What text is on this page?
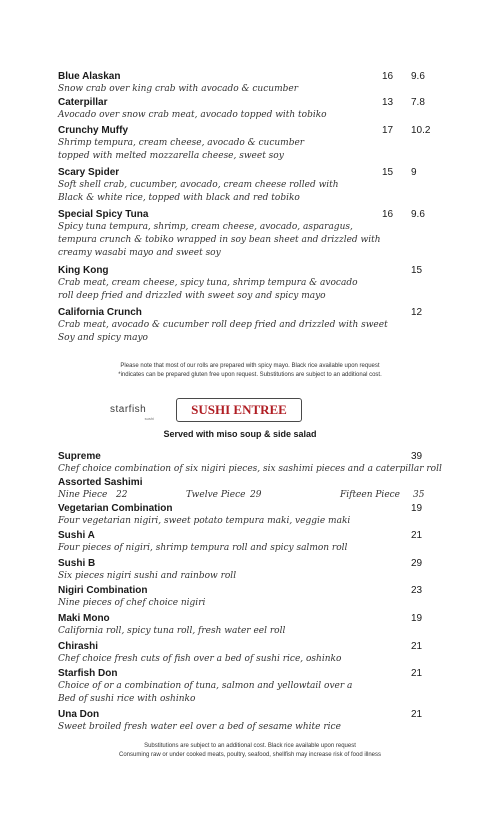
Blue Alaskan
Snow crab over king crab with avocado & cucumber
16 9.6
Caterpillar
Avocado over snow crab meat, avocado topped with tobiko
13 7.8
Crunchy Muffy
Shrimp tempura, cream cheese, avocado & cucumber
topped with melted mozzarella cheese, sweet soy
17 10.2
Scary Spider
Soft shell crab, cucumber, avocado, cream cheese rolled with
Black & white rice, topped with black and red tobiko
15 9
Special Spicy Tuna
Spicy tuna tempura, shrimp, cream cheese, avocado, asparagus,
tempura crunch & tobiko wrapped in soy bean sheet and drizzled with
creamy wasabi mayo and sweet soy
16 9.6
King Kong
Crab meat, cream cheese, spicy tuna, shrimp tempura & avocado
roll deep fried and drizzled with sweet soy and spicy mayo
15
California Crunch
Crab meat, avocado & cucumber roll deep fried and drizzled with sweet
Soy and spicy mayo
12
Please note that most of our rolls are prepared with spicy mayo. Black rice available upon request
*indicates can be prepared gluten free upon request. Substitutions are subject to an additional cost.
starfish
sushi
SUSHI ENTREE
Served with miso soup & side salad
Supreme
Chef choice combination of six nigiri pieces, six sashimi pieces and a caterpillar roll
39
Assorted Sashimi
Nine Piece 22	Twelve Piece 29	Fifteen Piece 35
Vegetarian Combination
Four vegetarian nigiri, sweet potato tempura maki, veggie maki
19
Sushi A
Four pieces of nigiri, shrimp tempura roll and spicy salmon roll
21
Sushi B
Six pieces nigiri sushi and rainbow roll
29
Nigiri Combination
Nine pieces of chef choice nigiri
23
Maki Mono
California roll, spicy tuna roll, fresh water eel roll
19
Chirashi
Chef choice fresh cuts of fish over a bed of sushi rice, oshinko
21
Starfish Don
Choice of or a combination of tuna, salmon and yellowtail over a
Bed of sushi rice with oshinko
21
Una Don
Sweet broiled fresh water eel over a bed of sesame white rice
21
Substitutions are subject to an additional cost. Black rice available upon request
Consuming raw or under cooked meats, poultry, seafood, shellfish may increase risk of food illness
